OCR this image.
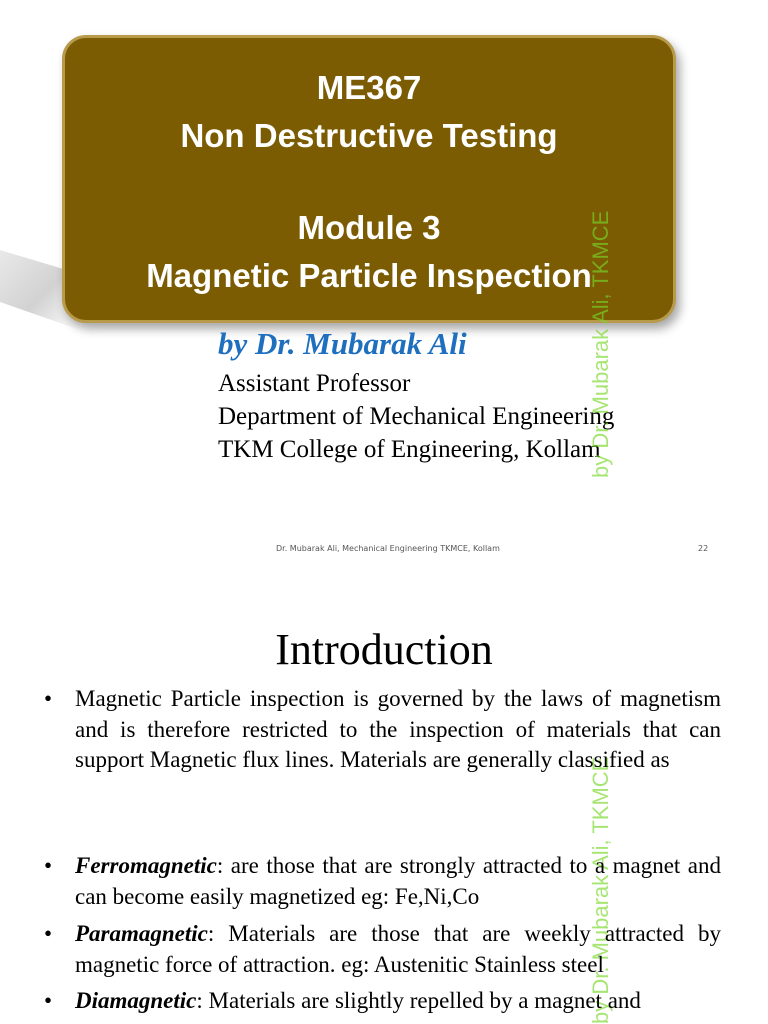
ME367
Non Destructive Testing
Module 3
Magnetic Particle Inspection
by Dr. Mubarak Ali
Assistant Professor
Department of Mechanical Engineering
TKM College of Engineering, Kollam
by Dr. Mubarak Ali, TKMCE
Dr. Mubarak Ali, Mechanical Engineering TKMCE, Kollam	22
Introduction
by Dr. Mubarak Ali, TKMCE
• Magnetic Particle inspection is governed by the laws of magnetism and is therefore restricted to the inspection of materials that can support Magnetic flux lines. Materials are generally classified as
• Ferromagnetic: are those that are strongly attracted to a magnet and can become easily magnetized eg: Fe,Ni,Co
• Paramagnetic: Materials are those that are weekly attracted by magnetic force of attraction. eg: Austenitic Stainless steel
• Diamagnetic: Materials are slightly repelled by a magnet and
